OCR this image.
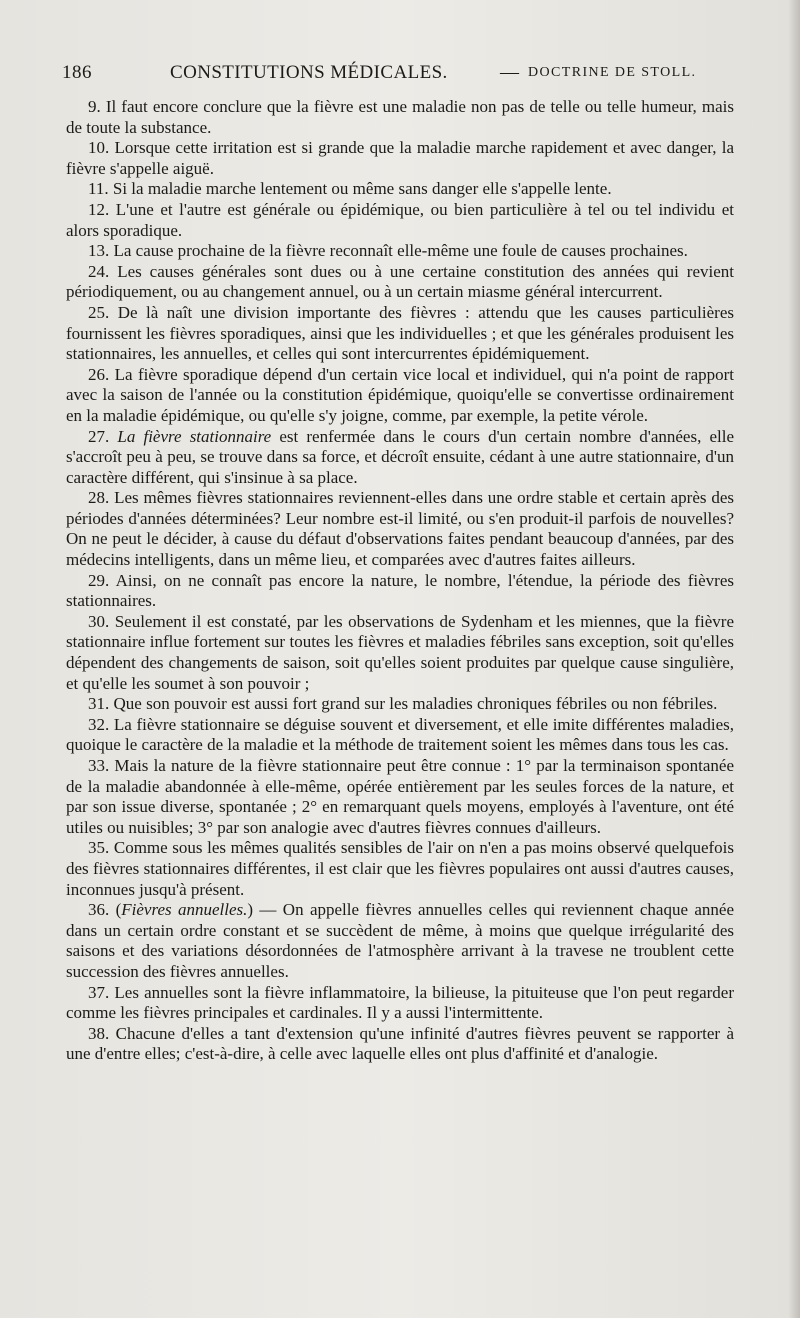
186	CONSTITUTIONS MÉDICALES.	— DOCTRINE DE STOLL.

9. Il faut encore conclure que la fièvre est une maladie non pas de telle ou telle humeur, mais de toute la substance.

10. Lorsque cette irritation est si grande que la maladie marche rapidement et avec danger, la fièvre s'appelle aiguë.

11. Si la maladie marche lentement ou même sans danger elle s'appelle lente.

12. L'une et l'autre est générale ou épidémique, ou bien particulière à tel ou tel individu et alors sporadique.

13. La cause prochaine de la fièvre reconnaît elle-même une foule de causes prochaines.

24. Les causes générales sont dues ou à une certaine constitution des années qui revient périodiquement, ou au changement annuel, ou à un certain miasme général intercurrent.

25. De là naît une division importante des fièvres : attendu que les causes particulières fournissent les fièvres sporadiques, ainsi que les individuelles ; et que les générales produisent les stationnaires, les annuelles, et celles qui sont intercurrentes épidémiquement.

26. La fièvre sporadique dépend d'un certain vice local et individuel, qui n'a point de rapport avec la saison de l'année ou la constitution épidémique, quoiqu'elle se convertisse ordinairement en la maladie épidémique, ou qu'elle s'y joigne, comme, par exemple, la petite vérole.

27. La fièvre stationnaire est renfermée dans le cours d'un certain nombre d'années, elle s'accroît peu à peu, se trouve dans sa force, et décroît ensuite, cédant à une autre stationnaire, d'un caractère différent, qui s'insinue à sa place.

28. Les mêmes fièvres stationnaires reviennent-elles dans une ordre stable et certain après des périodes d'années déterminées? Leur nombre est-il limité, ou s'en produit-il parfois de nouvelles? On ne peut le décider, à cause du défaut d'observations faites pendant beaucoup d'années, par des médecins intelligents, dans un même lieu, et comparées avec d'autres faites ailleurs.

29. Ainsi, on ne connaît pas encore la nature, le nombre, l'étendue, la période des fièvres stationnaires.

30. Seulement il est constaté, par les observations de Sydenham et les miennes, que la fièvre stationnaire influe fortement sur toutes les fièvres et maladies fébriles sans exception, soit qu'elles dépendent des changements de saison, soit qu'elles soient produites par quelque cause singulière, et qu'elle les soumet à son pouvoir ;

31. Que son pouvoir est aussi fort grand sur les maladies chroniques fébriles ou non fébriles.

32. La fièvre stationnaire se déguise souvent et diversement, et elle imite différentes maladies, quoique le caractère de la maladie et la méthode de traitement soient les mêmes dans tous les cas.

33. Mais la nature de la fièvre stationnaire peut être connue : 1° par la terminaison spontanée de la maladie abandonnée à elle-même, opérée entièrement par les seules forces de la nature, et par son issue diverse, spontanée ; 2° en remarquant quels moyens, employés à l'aventure, ont été utiles ou nuisibles; 3° par son analogie avec d'autres fièvres connues d'ailleurs.

35. Comme sous les mêmes qualités sensibles de l'air on n'en a pas moins observé quelquefois des fièvres stationnaires différentes, il est clair que les fièvres populaires ont aussi d'autres causes, inconnues jusqu'à présent.

36. (Fièvres annuelles.) — On appelle fièvres annuelles celles qui reviennent chaque année dans un certain ordre constant et se succèdent de même, à moins que quelque irrégularité des saisons et des variations désordonnées de l'atmosphère arrivant à la travese ne troublent cette succession des fièvres annuelles.

37. Les annuelles sont la fièvre inflammatoire, la bilieuse, la pituiteuse que l'on peut regarder comme les fièvres principales et cardinales. Il y a aussi l'intermittente.

38. Chacune d'elles a tant d'extension qu'une infinité d'autres fièvres peuvent se rapporter à une d'entre elles; c'est-à-dire, à celle avec laquelle elles ont plus d'affinité et d'analogie.
